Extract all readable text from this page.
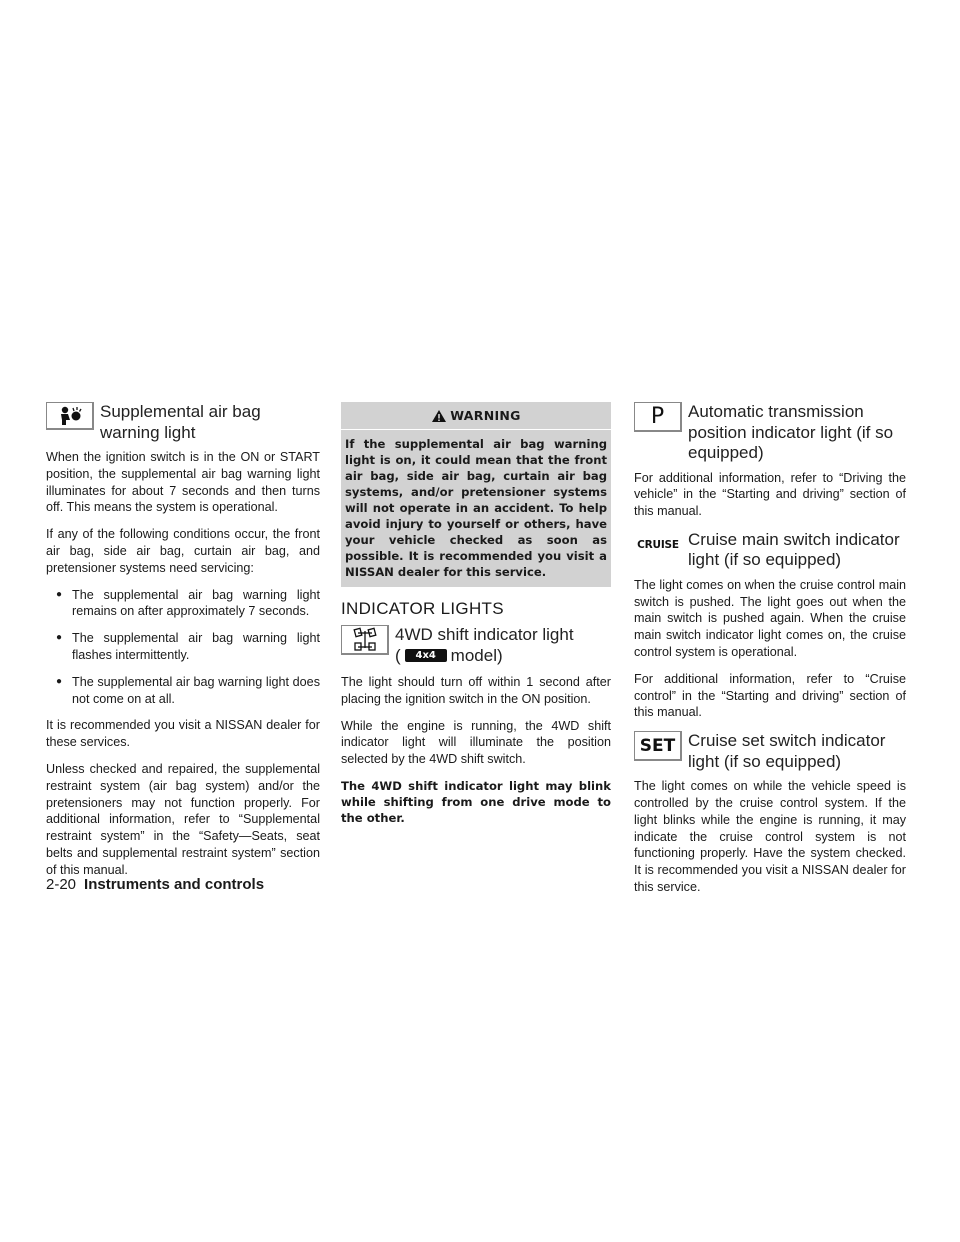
Supplemental air bag warning light

When the ignition switch is in the ON or START position, the supplemental air bag warning light illuminates for about 7 seconds and then turns off. This means the system is operational.

If any of the following conditions occur, the front air bag, side air bag, curtain air bag, and pretensioner systems need servicing:

● The supplemental air bag warning light remains on after approximately 7 seconds.
● The supplemental air bag warning light flashes intermittently.
● The supplemental air bag warning light does not come on at all.

It is recommended you visit a NISSAN dealer for these services.

Unless checked and repaired, the supplemental restraint system (air bag system) and/or the pretensioners may not function properly. For additional information, refer to “Supplemental restraint system” in the “Safety—Seats, seat belts and supplemental restraint system” section of this manual.

WARNING

If the supplemental air bag warning light is on, it could mean that the front air bag, side air bag, curtain air bag systems, and/or pretensioner systems will not operate in an accident. To help avoid injury to yourself or others, have your vehicle checked as soon as possible. It is recommended you visit a NISSAN dealer for this service.

INDICATOR LIGHTS
4WD shift indicator light
( 4x4 model)

The light should turn off within 1 second after placing the ignition switch in the ON position.

While the engine is running, the 4WD shift indicator light will illuminate the position selected by the 4WD shift switch.

The 4WD shift indicator light may blink while shifting from one drive mode to the other.

P Automatic transmission position indicator light (if so equipped)

For additional information, refer to “Driving the vehicle” in the “Starting and driving” section of this manual.

CRUISE Cruise main switch indicator light (if so equipped)

The light comes on when the cruise control main switch is pushed. The light goes out when the main switch is pushed again. When the cruise main switch indicator light comes on, the cruise control system is operational.

For additional information, refer to “Cruise control” in the “Starting and driving” section of this manual.

SET Cruise set switch indicator light (if so equipped)

The light comes on while the vehicle speed is controlled by the cruise control system. If the light blinks while the engine is running, it may indicate the cruise control system is not functioning properly. Have the system checked. It is recommended you visit a NISSAN dealer for this service.

2-20 Instruments and controls
